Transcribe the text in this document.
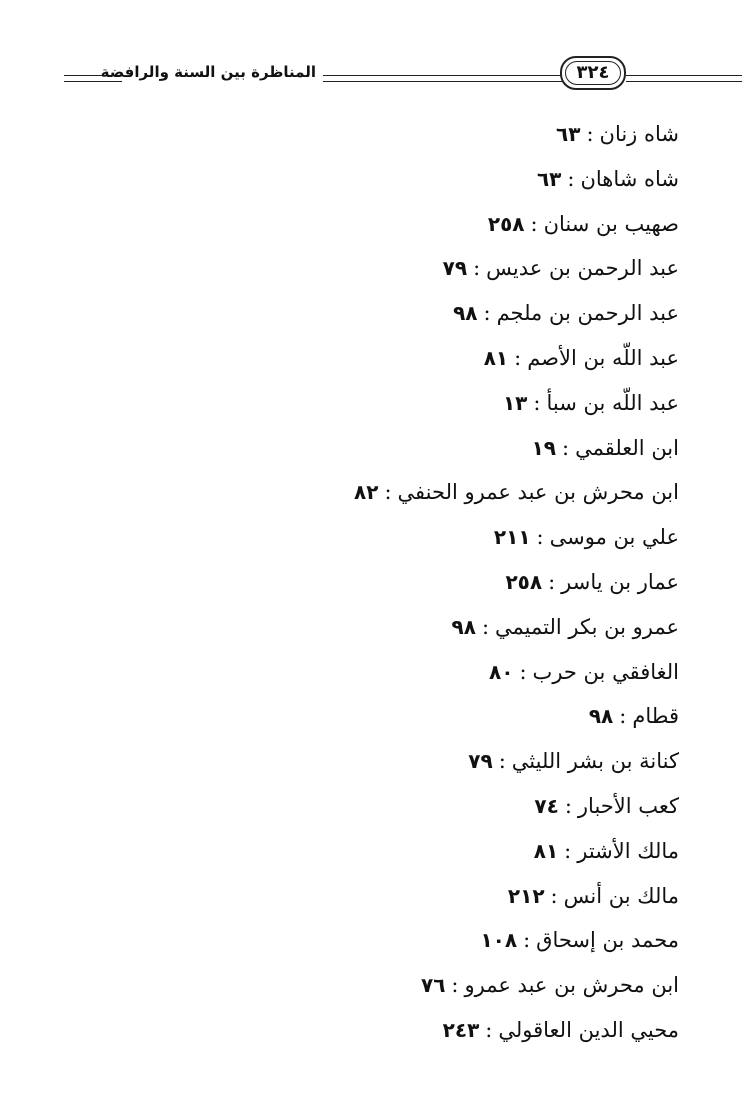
المناظرة بين السنة والرافضة	٣٢٤
شاه زنان:٦٣
شاه شاهان:٦٣
صهيب بن سنان:٢٥٨
عبد الرحمن بن عديس:٧٩
عبد الرحمن بن ملجم:٩٨
عبد اللّه بن الأصم:٨١
عبد اللّه بن سبأ:١٣
ابن العلقمي:١٩
ابن محرش بن عبد عمرو الحنفي:٨٢
علي بن موسى:٢١١
عمار بن ياسر:٢٥٨
عمرو بن بكر التميمي:٩٨
الغافقي بن حرب:٨٠
قطام:٩٨
كنانة بن بشر الليثي:٧٩
كعب الأحبار:٧٤
مالك الأشتر:٨١
مالك بن أنس:٢١٢
محمد بن إسحاق:١٠٨
ابن محرش بن عبد عمرو:٧٦
محيي الدين العاقولي:٢٤٣
